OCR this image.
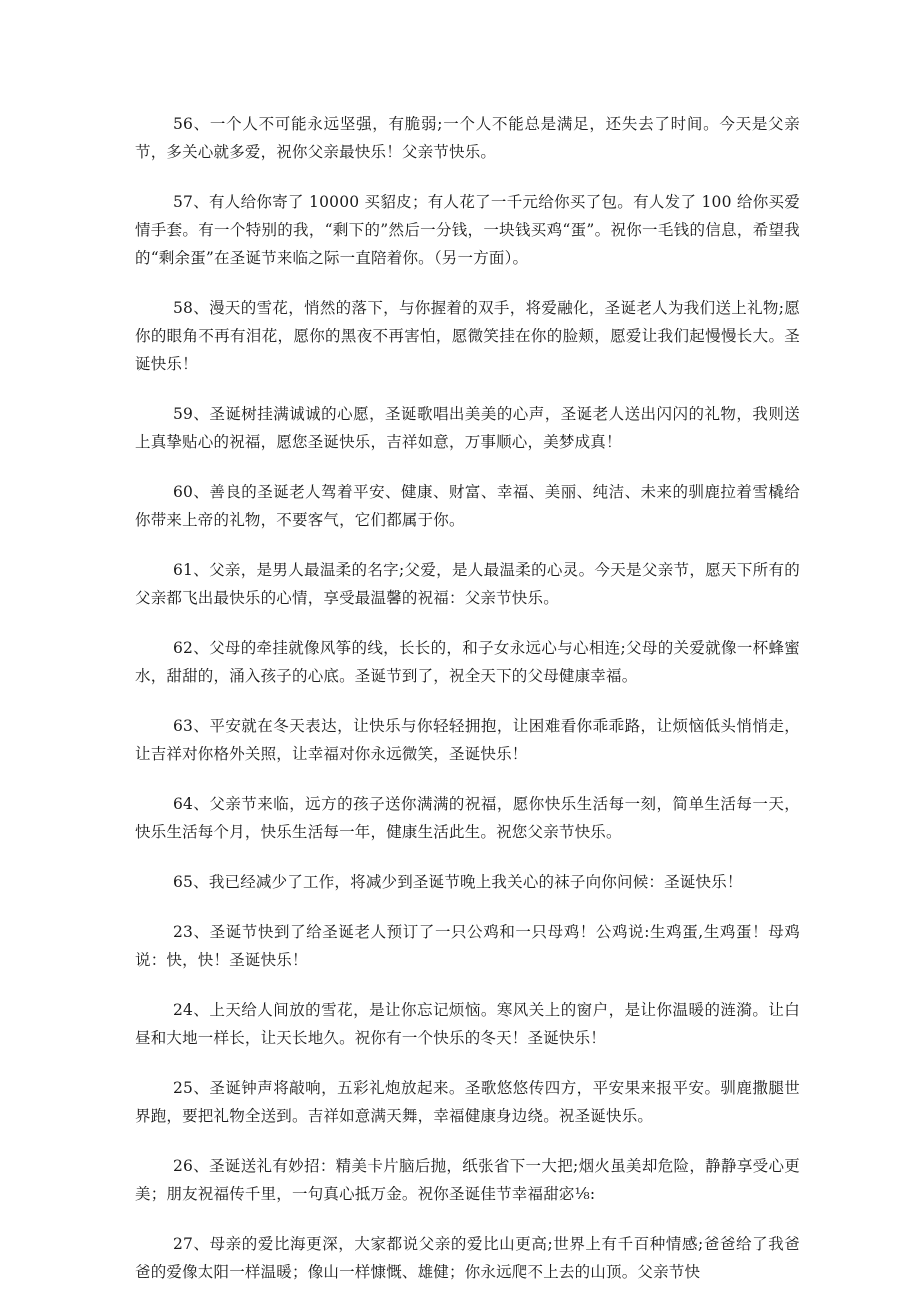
56、一个人不可能永远坚强，有脆弱;一个人不能总是满足，还失去了时间。今天是父亲节，多关心就多爱，祝你父亲最快乐！父亲节快乐。

57、有人给你寄了 10000 买貂皮；有人花了一千元给你买了包。有人发了 100 给你买爱情手套。有一个特别的我，“剩下的”然后一分钱，一块钱买鸡“蛋”。祝你一毛钱的信息，希望我的“剩余蛋”在圣诞节来临之际一直陪着你。（另一方面）。

58、漫天的雪花，悄然的落下，与你握着的双手，将爱融化，圣诞老人为我们送上礼物;愿你的眼角不再有泪花，愿你的黑夜不再害怕，愿微笑挂在你的脸颊，愿爱让我们起慢慢长大。圣诞快乐！

59、圣诞树挂满诚诚的心愿，圣诞歌唱出美美的心声，圣诞老人送出闪闪的礼物，我则送上真挚贴心的祝福，愿您圣诞快乐，吉祥如意，万事顺心，美梦成真！

60、善良的圣诞老人驾着平安、健康、财富、幸福、美丽、纯洁、未来的驯鹿拉着雪橇给你带来上帝的礼物，不要客气，它们都属于你。

61、父亲，是男人最温柔的名字;父爱，是人最温柔的心灵。今天是父亲节，愿天下所有的父亲都飞出最快乐的心情，享受最温馨的祝福：父亲节快乐。

62、父母的牵挂就像风筝的线，长长的，和子女永远心与心相连;父母的关爱就像一杯蜂蜜水，甜甜的，涌入孩子的心底。圣诞节到了，祝全天下的父母健康幸福。

63、平安就在冬天表达，让快乐与你轻轻拥抱，让困难看你乖乖路，让烦恼低头悄悄走，让吉祥对你格外关照，让幸福对你永远微笑，圣诞快乐！

64、父亲节来临，远方的孩子送你满满的祝福，愿你快乐生活每一刻，简单生活每一天，快乐生活每个月，快乐生活每一年，健康生活此生。祝您父亲节快乐。

65、我已经减少了工作，将减少到圣诞节晚上我关心的袜子向你问候：圣诞快乐！

23、圣诞节快到了给圣诞老人预订了一只公鸡和一只母鸡！公鸡说:生鸡蛋,生鸡蛋！母鸡说：快，快！圣诞快乐！

24、上天给人间放的雪花，是让你忘记烦恼。寒风关上的窗户，是让你温暖的涟漪。让白昼和大地一样长，让天长地久。祝你有一个快乐的冬天！圣诞快乐！

25、圣诞钟声将敲响，五彩礼炮放起来。圣歌悠悠传四方，平安果来报平安。驯鹿撒腿世界跑，要把礼物全送到。吉祥如意满天舞，幸福健康身边绕。祝圣诞快乐。

26、圣诞送礼有妙招：精美卡片脑后抛，纸张省下一大把;烟火虽美却危险，静静享受心更美；朋友祝福传千里，一句真心抵万金。祝你圣诞佳节幸福甜宓⅛:

27、母亲的爱比海更深，大家都说父亲的爱比山更高;世界上有千百种情感;爸爸给了我爸爸的爱像太阳一样温暖；像山一样慷慨、雄健；你永远爬不上去的山顶。父亲节快
